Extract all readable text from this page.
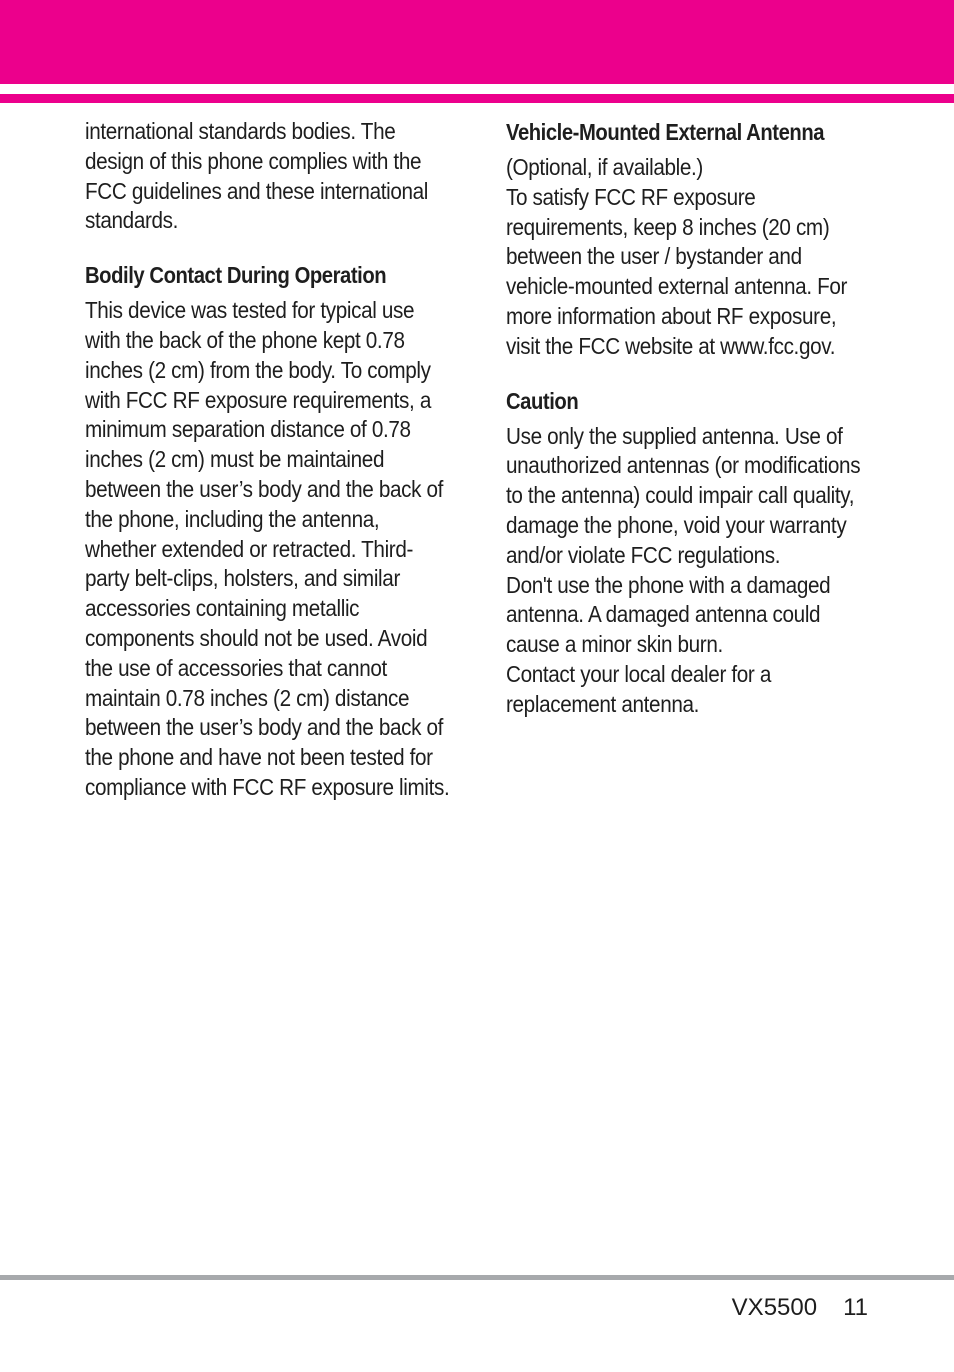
international standards bodies. The design of this phone complies with the FCC guidelines and these international standards.

Bodily Contact During Operation

This device was tested for typical use with the back of the phone kept 0.78 inches (2 cm) from the body. To comply with FCC RF exposure requirements, a minimum separation distance of 0.78 inches (2 cm) must be maintained between the user’s body and the back of the phone, including the antenna, whether extended or retracted. Third-party belt-clips, holsters, and similar accessories containing metallic components should not be used. Avoid the use of accessories that cannot maintain 0.78 inches (2 cm) distance between the user’s body and the back of the phone and have not been tested for compliance with FCC RF exposure limits.

Vehicle-Mounted External Antenna

(Optional, if available.)

To satisfy FCC RF exposure requirements, keep 8 inches (20 cm) between the user / bystander and vehicle-mounted external antenna. For more information about RF exposure, visit the FCC website at www.fcc.gov.

Caution

Use only the supplied antenna. Use of unauthorized antennas (or modifications to the antenna) could impair call quality, damage the phone, void your warranty and/or violate FCC regulations.

Don't use the phone with a damaged antenna. A damaged antenna could cause a minor skin burn.

Contact your local dealer for a replacement antenna.

VX5500 11
